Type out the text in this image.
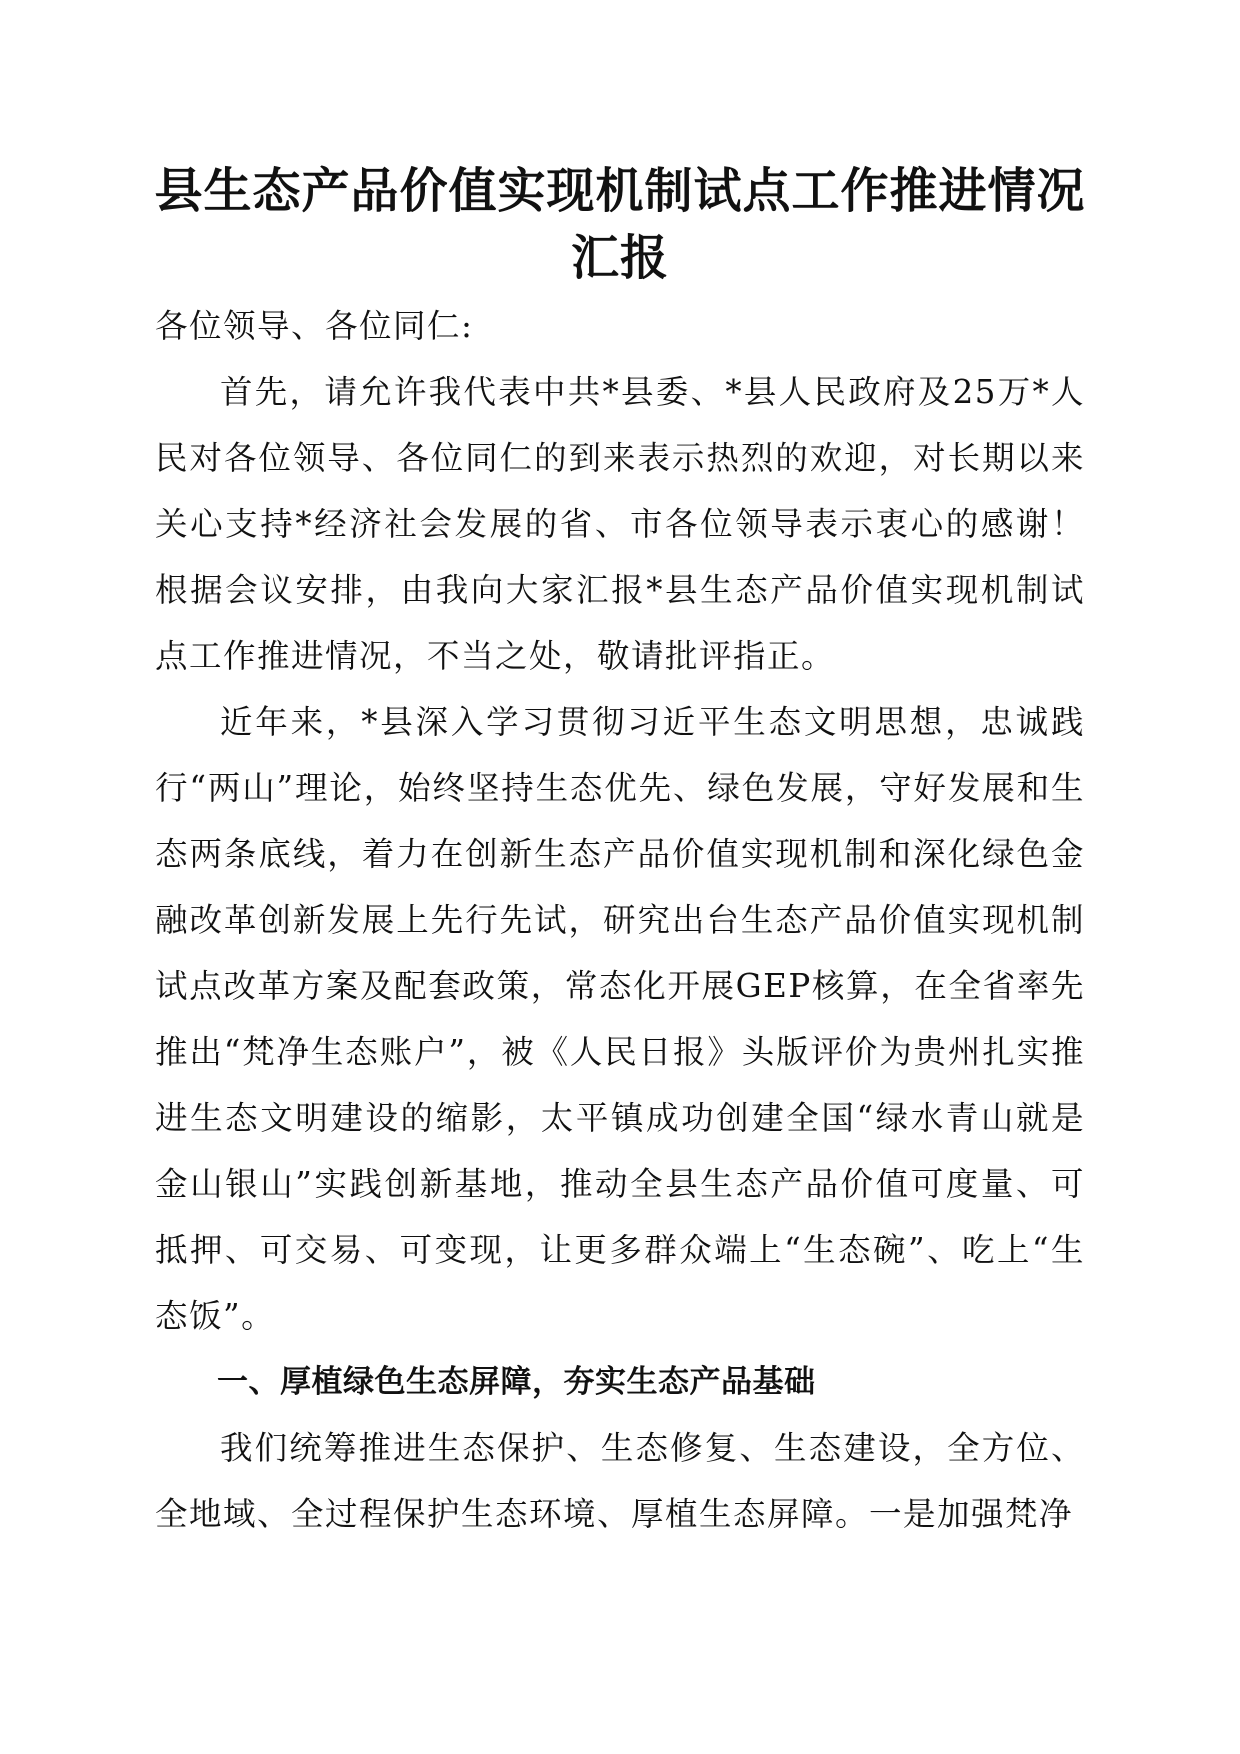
县生态产品价值实现机制试点工作推进情况汇报

各位领导、各位同仁:

首先，请允许我代表中共*县委、*县人民政府及25万*人民对各位领导、各位同仁的到来表示热烈的欢迎，对长期以来关心支持*经济社会发展的省、市各位领导表示衷心的感谢！根据会议安排，由我向大家汇报*县生态产品价值实现机制试点工作推进情况，不当之处，敬请批评指正。

近年来，*县深入学习贯彻习近平生态文明思想，忠诚践行“两山”理论，始终坚持生态优先、绿色发展，守好发展和生态两条底线，着力在创新生态产品价值实现机制和深化绿色金融改革创新发展上先行先试，研究出台生态产品价值实现机制试点改革方案及配套政策，常态化开展GEP核算，在全省率先推出“梵净生态账户”，被《人民日报》头版评价为贵州扎实推进生态文明建设的缩影，太平镇成功创建全国“绿水青山就是金山银山”实践创新基地，推动全县生态产品价值可度量、可抵押、可交易、可变现，让更多群众端上“生态碗”、吃上“生态饭”。

一、厚植绿色生态屏障，夯实生态产品基础

我们统筹推进生态保护、生态修复、生态建设，全方位、全地域、全过程保护生态环境、厚植生态屏障。一是加强梵净
